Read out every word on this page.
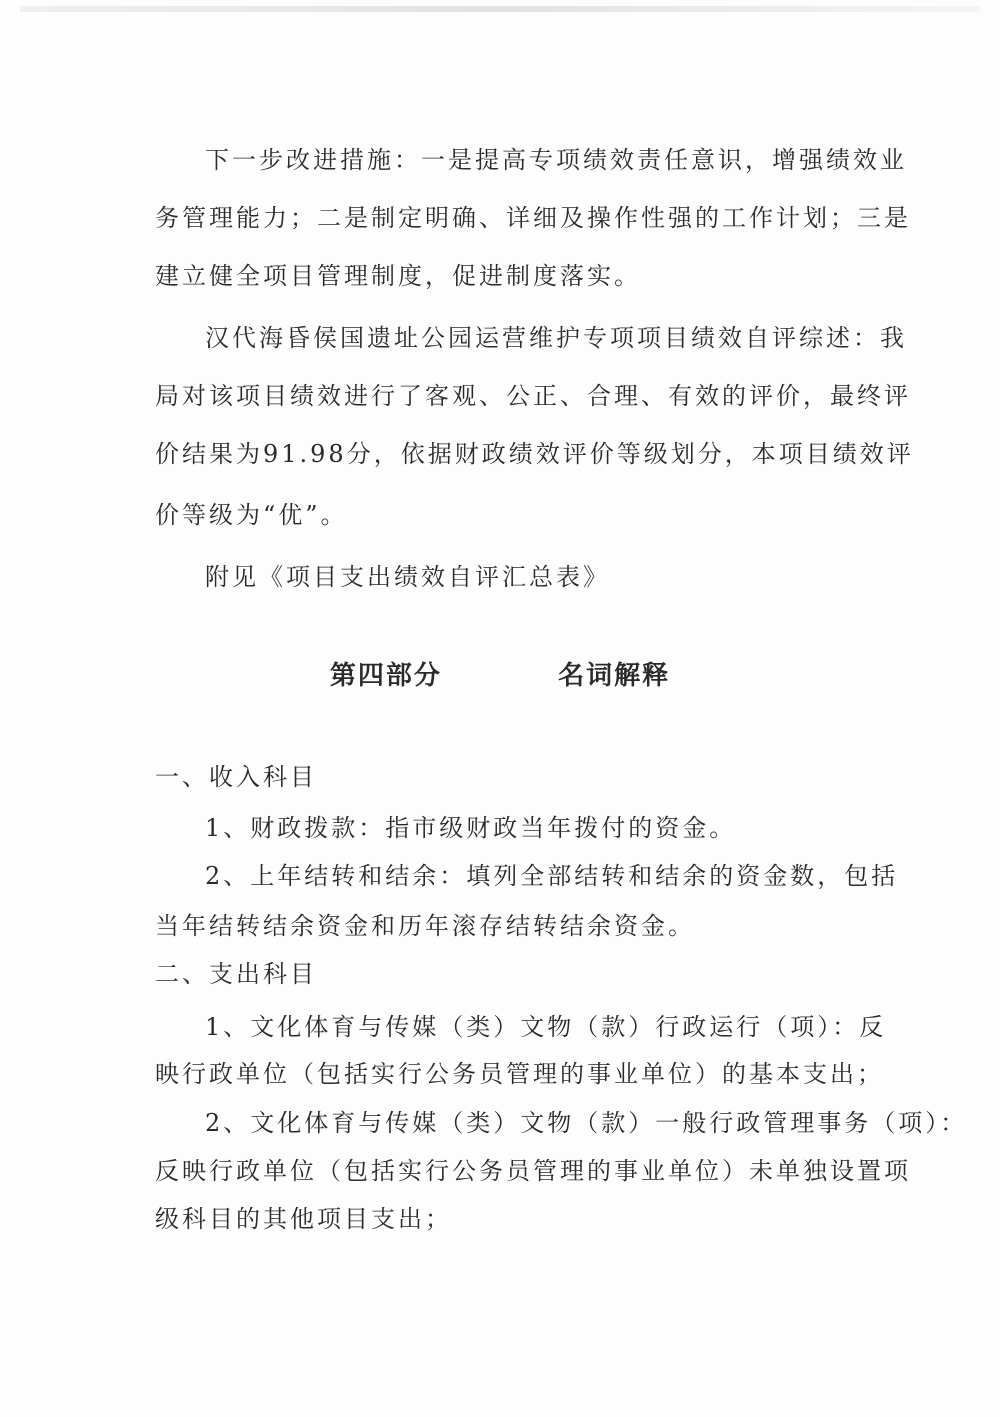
下一步改进措施：一是提高专项绩效责任意识，增强绩效业
务管理能力；二是制定明确、详细及操作性强的工作计划；三是
建立健全项目管理制度，促进制度落实。
汉代海昏侯国遗址公园运营维护专项项目绩效自评综述：我
局对该项目绩效进行了客观、公正、合理、有效的评价，最终评
价结果为91.98分，依据财政绩效评价等级划分，本项目绩效评
价等级为“优”。
附见《项目支出绩效自评汇总表》
第四部分    名词解释
一、收入科目
1、财政拨款：指市级财政当年拨付的资金。
2、上年结转和结余：填列全部结转和结余的资金数，包括
当年结转结余资金和历年滚存结转结余资金。
二、支出科目
1、文化体育与传媒（类）文物（款）行政运行（项）：反
映行政单位（包括实行公务员管理的事业单位）的基本支出；
2、文化体育与传媒（类）文物（款）一般行政管理事务（项）：
反映行政单位（包括实行公务员管理的事业单位）未单独设置项
级科目的其他项目支出；
